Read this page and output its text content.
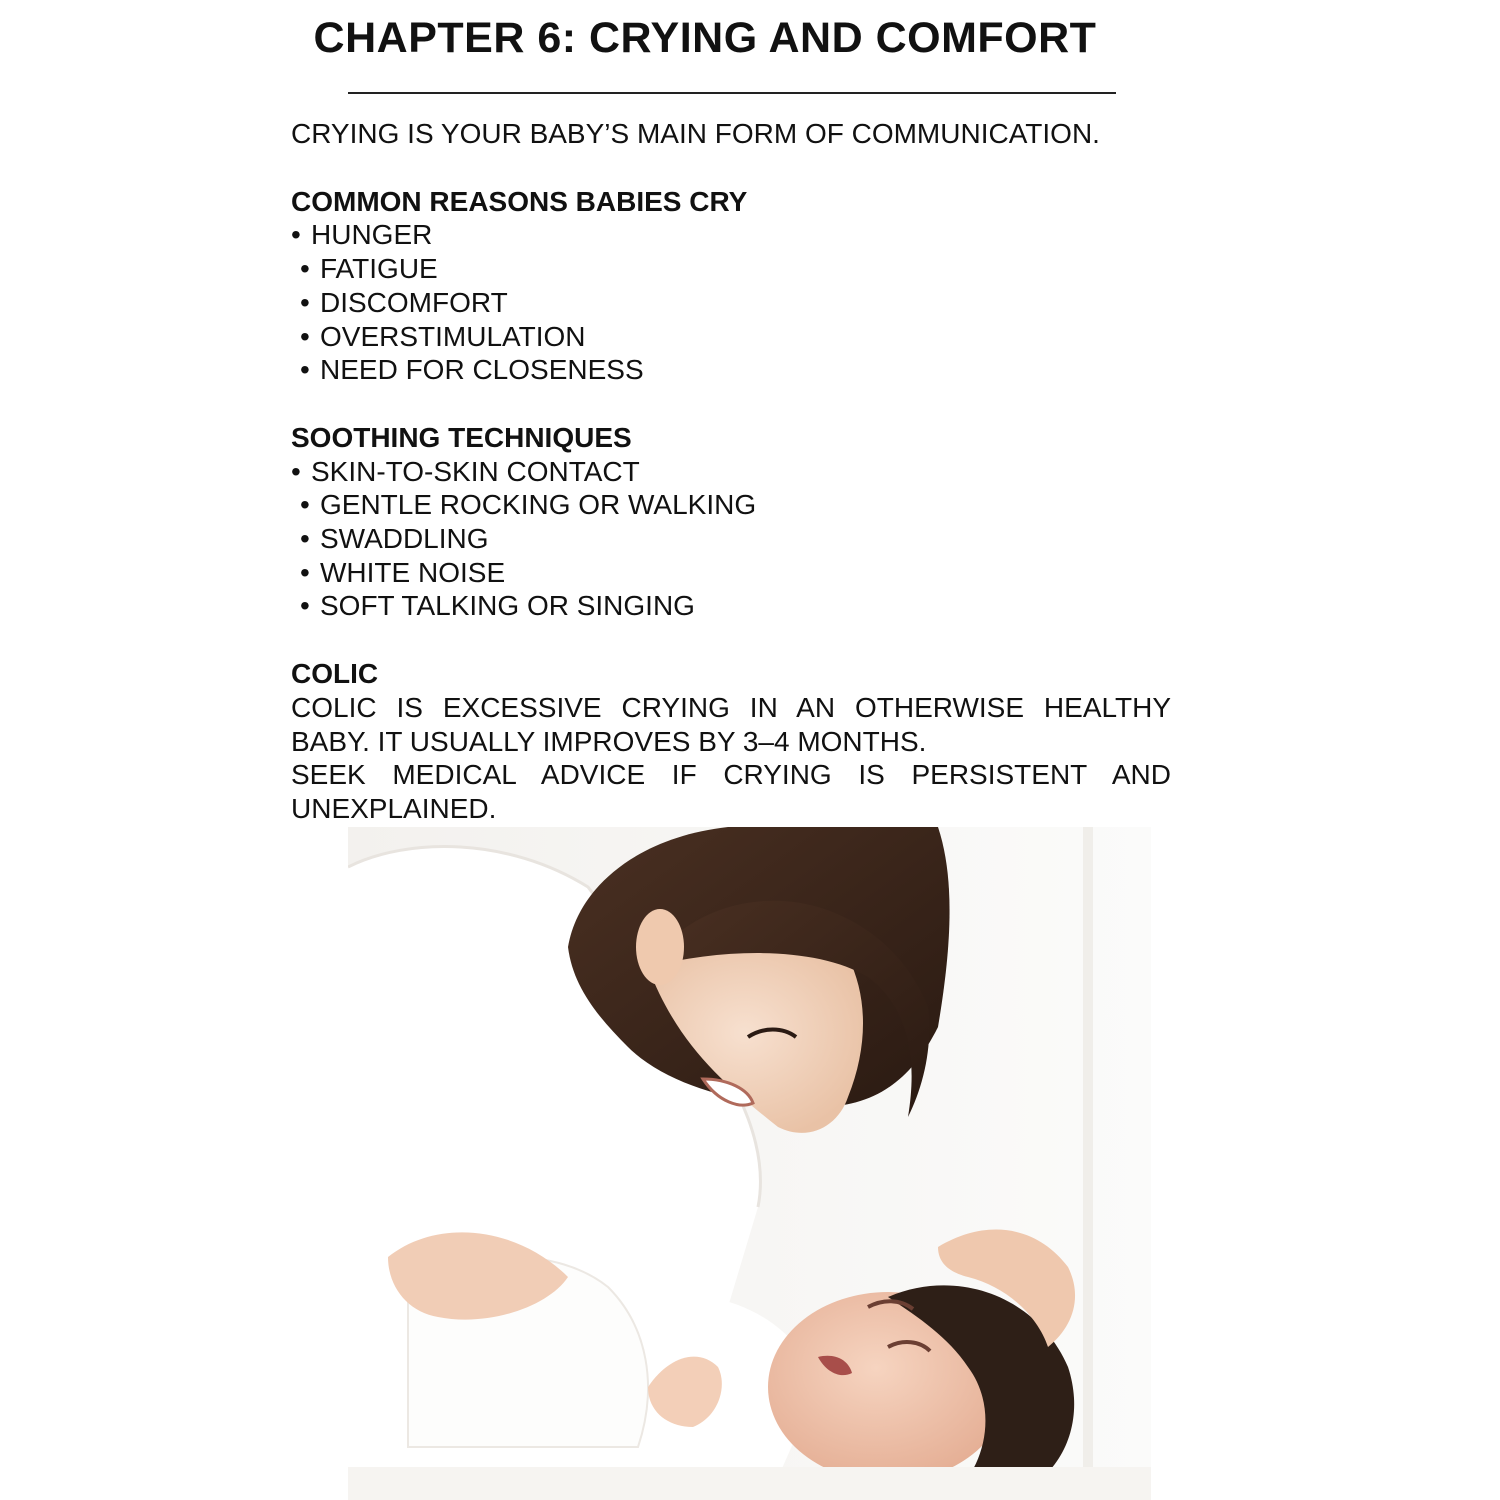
CHAPTER 6: CRYING AND COMFORT

CRYING IS YOUR BABY’S MAIN FORM OF COMMUNICATION.

COMMON REASONS BABIES CRY

• HUNGER
• FATIGUE
• DISCOMFORT
• OVERSTIMULATION
• NEED FOR CLOSENESS

SOOTHING TECHNIQUES

• SKIN-TO-SKIN CONTACT
• GENTLE ROCKING OR WALKING
• SWADDLING
• WHITE NOISE
• SOFT TALKING OR SINGING

COLIC

COLIC IS EXCESSIVE CRYING IN AN OTHERWISE HEALTHY BABY. IT USUALLY IMPROVES BY 3–4 MONTHS.

SEEK MEDICAL ADVICE IF CRYING IS PERSISTENT AND UNEXPLAINED.
